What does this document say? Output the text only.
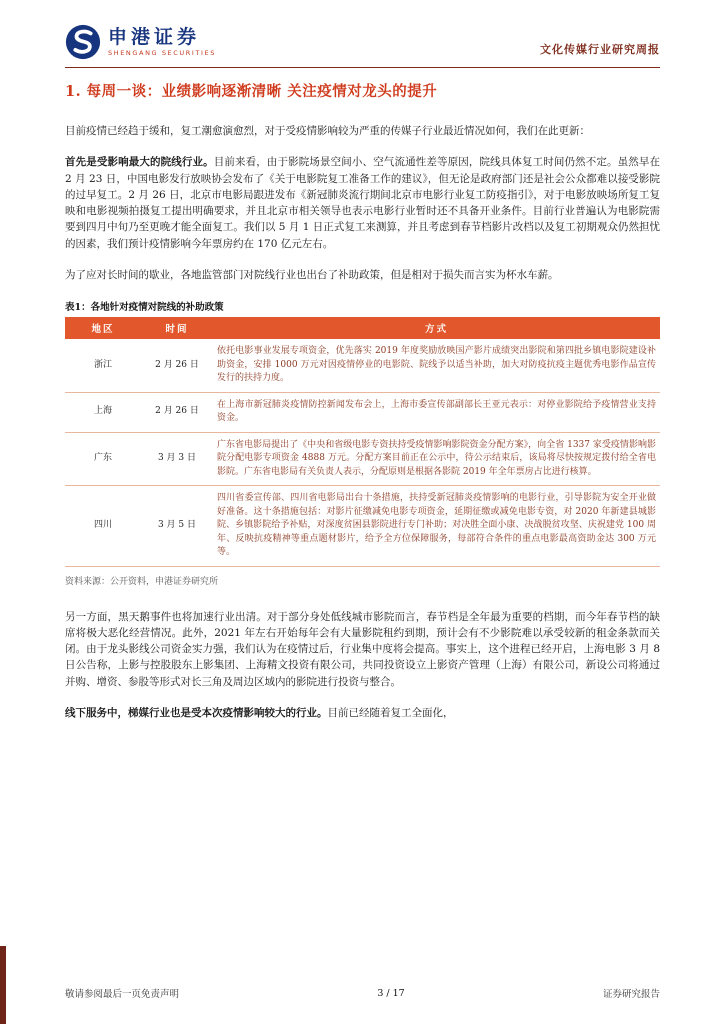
申港证券
SHENGANG SECURITIES	文化传媒行业研究周报
1. 每周一谈：业绩影响逐渐清晰 关注疫情对龙头的提升

目前疫情已经趋于缓和，复工潮愈演愈烈，对于受疫情影响较为严重的传媒子行业最近情况如何，我们在此更新：

首先是受影响最大的院线行业。目前来看，由于影院场景空间小、空气流通性差等原因，院线具体复工时间仍然不定。虽然早在 2 月 23 日，中国电影发行放映协会发布了《关于电影院复工准备工作的建议》，但无论是政府部门还是社会公众都难以接受影院的过早复工。2 月 26 日，北京市电影局跟进发布《新冠肺炎流行期间北京市电影行业复工防疫指引》，对于电影放映场所复工复映和电影视频拍摄复工提出明确要求，并且北京市相关领导也表示电影行业暂时还不具备开业条件。目前行业普遍认为电影院需要到四月中旬乃至更晚才能全面复工。我们以 5 月 1 日正式复工来测算，并且考虑到春节档影片改档以及复工初期观众仍然担忧的因素，我们预计疫情影响今年票房约在 170 亿元左右。

为了应对长时间的歇业，各地监管部门对院线行业也出台了补助政策，但是相对于损失而言实为杯水车薪。

表1：各地针对疫情对院线的补助政策
地区	时间	方式
浙江	2 月 26 日	依托电影事业发展专项资金，优先落实 2019 年度奖励放映国产影片成绩突出影院和第四批乡镇电影院建设补助资金，安排 1000 万元对因疫情停业的电影院、院线予以适当补助，加大对防疫抗疫主题优秀电影作品宣传发行的扶持力度。
上海	2 月 26 日	在上海市新冠肺炎疫情防控新闻发布会上，上海市委宣传部副部长王亚元表示：对停业影院给予疫情营业支持资金。
广东	3 月 3 日	广东省电影局提出了《中央和省级电影专资扶持受疫情影响影院资金分配方案》，向全省 1337 家受疫情影响影院分配电影专项资金 4888 万元。分配方案目前正在公示中，待公示结束后，该局将尽快按规定拨付给全省电影院。广东省电影局有关负责人表示，分配原则是根据各影院 2019 年全年票房占比进行核算。
四川	3 月 5 日	四川省委宣传部、四川省电影局出台十条措施，扶持受新冠肺炎疫情影响的电影行业，引导影院为安全开业做好准备。这十条措施包括：对影片征缴减免电影专项资金，延期征缴或减免电影专资，对 2020 年新建县城影院、乡镇影院给予补贴，对深度贫困县影院进行专门补助；对决胜全面小康、决战脱贫攻坚、庆祝建党 100 周年、反映抗疫精神等重点题材影片，给予全方位保障服务，每部符合条件的重点电影最高资助金达 300 万元等。
资料来源：公开资料，申港证券研究所

另一方面，黑天鹅事件也将加速行业出清。对于部分身处低线城市影院而言，春节档是全年最为重要的档期，而今年春节档的缺席将极大恶化经营情况。此外，2021 年左右开始每年会有大量影院租约到期，预计会有不少影院难以承受较新的租金条款而关闭。由于龙头影线公司资金实力强，我们认为在疫情过后，行业集中度将会提高。事实上，这个进程已经开启，上海电影 3 月 8 日公告称，上影与控股股东上影集团、上海精文投资有限公司，共同投资设立上影资产管理（上海）有限公司，新设公司将通过并购、增资、参股等形式对长三角及周边区域内的影院进行投资与整合。

线下服务中，梯媒行业也是受本次疫情影响较大的行业。目前已经随着复工全面化，

敬请参阅最后一页免责声明	3 / 17	证券研究报告
